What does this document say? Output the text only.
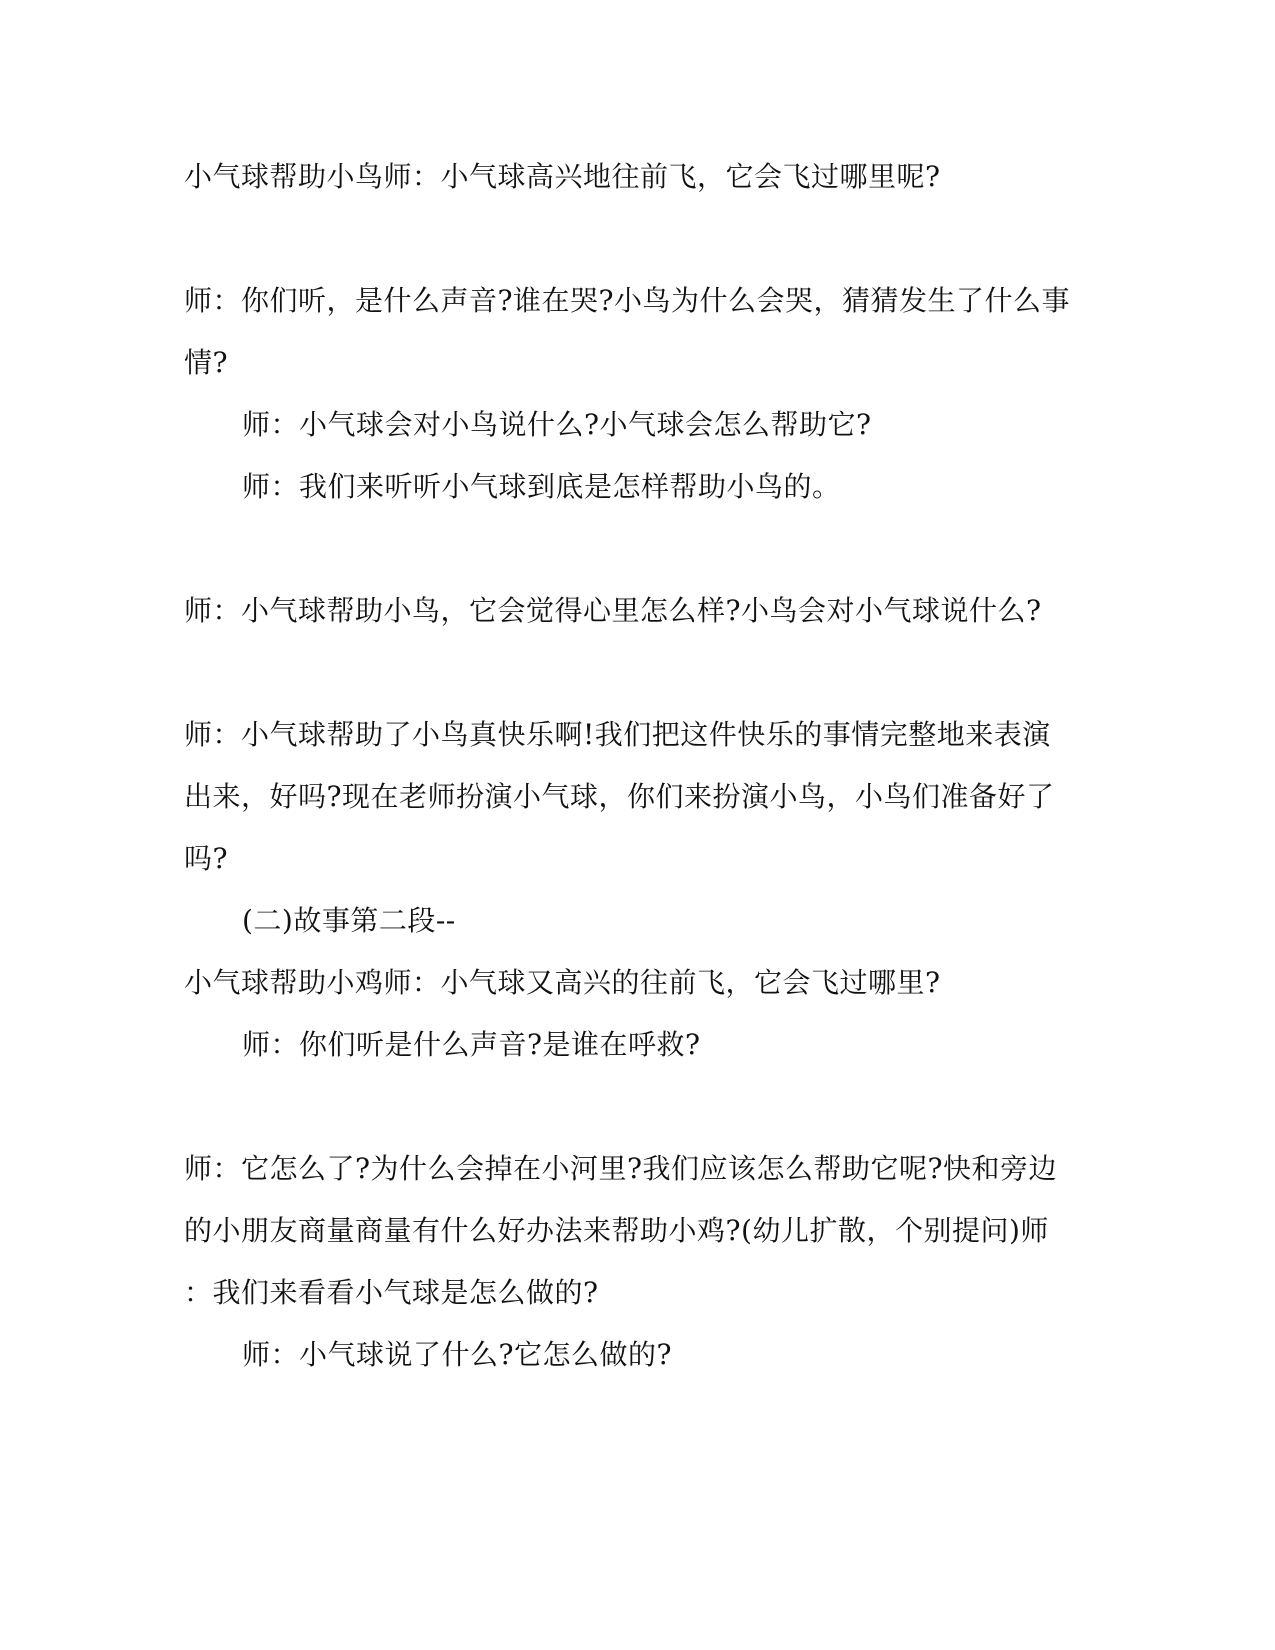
小气球帮助小鸟师：小气球高兴地往前飞，它会飞过哪里呢?
师：你们听，是什么声音?谁在哭?小鸟为什么会哭，猜猜发生了什么事
情?
师：小气球会对小鸟说什么?小气球会怎么帮助它?
师：我们来听听小气球到底是怎样帮助小鸟的。
师：小气球帮助小鸟，它会觉得心里怎么样?小鸟会对小气球说什么?
师：小气球帮助了小鸟真快乐啊!我们把这件快乐的事情完整地来表演
出来，好吗?现在老师扮演小气球，你们来扮演小鸟，小鸟们准备好了
吗?
(二)故事第二段--
小气球帮助小鸡师：小气球又高兴的往前飞，它会飞过哪里?
师：你们听是什么声音?是谁在呼救?
师：它怎么了?为什么会掉在小河里?我们应该怎么帮助它呢?快和旁边
的小朋友商量商量有什么好办法来帮助小鸡?(幼儿扩散，个别提问)师
：我们来看看小气球是怎么做的?
师：小气球说了什么?它怎么做的?
